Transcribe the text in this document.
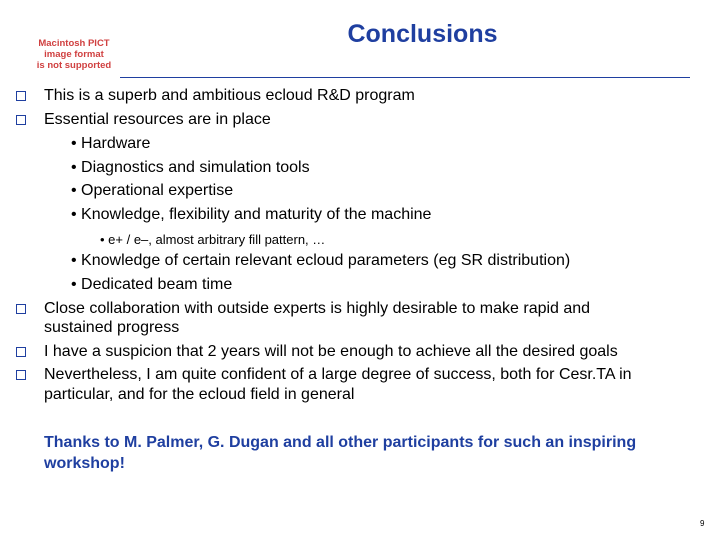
Macintosh PICT
image format
is not supported
Conclusions
This is a superb and ambitious ecloud R&D program
Essential resources are in place
• Hardware
• Diagnostics and simulation tools
• Operational expertise
• Knowledge, flexibility and maturity of the machine
• e+ / e–, almost arbitrary fill pattern, …
• Knowledge of certain relevant ecloud parameters (eg SR distribution)
• Dedicated beam time
Close collaboration with outside experts is highly desirable to make rapid and
sustained progress
I have a suspicion that 2 years will not be enough to achieve all the desired goals
Nevertheless, I am quite confident of a large degree of success, both for Cesr.TA in
particular, and for the ecloud field in general
Thanks to M. Palmer, G. Dugan and all other participants for such an inspiring workshop!
9
